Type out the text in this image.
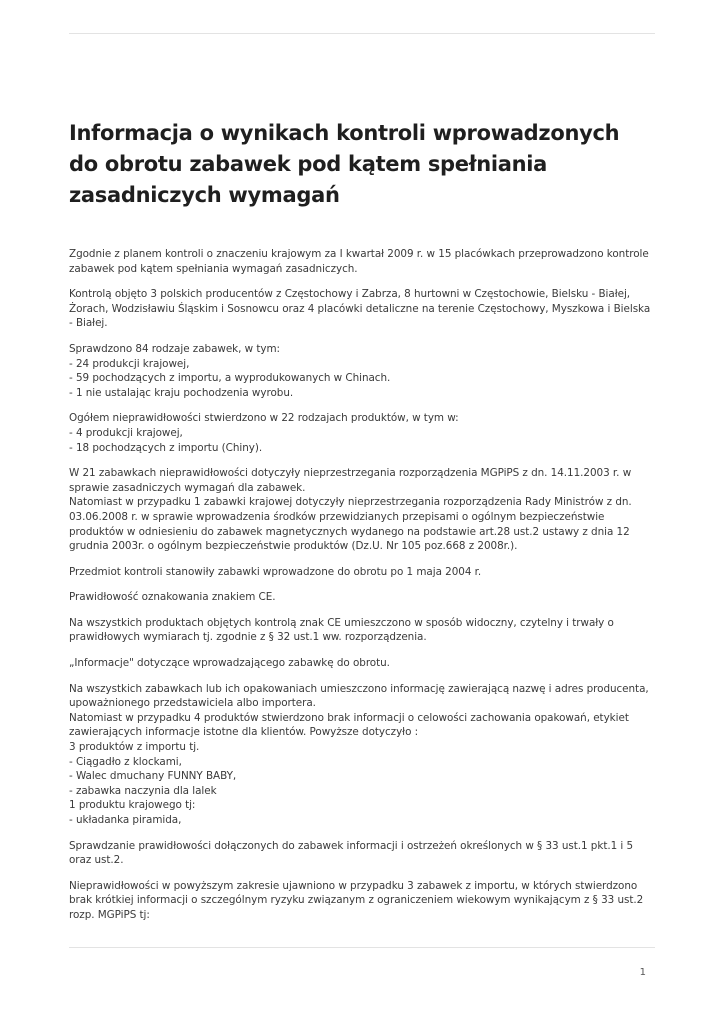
Informacja o wynikach kontroli wprowadzonych do obrotu zabawek pod kątem spełniania zasadniczych wymagań

Zgodnie z planem kontroli o znaczeniu krajowym za I kwartał 2009 r. w 15 placówkach przeprowadzono kontrole zabawek pod kątem spełniania wymagań zasadniczych.

Kontrolą objęto 3 polskich producentów z Częstochowy i Zabrza, 8 hurtowni w Częstochowie, Bielsku - Białej, Żorach, Wodzisławiu Śląskim i Sosnowcu oraz 4 placówki detaliczne na terenie Częstochowy, Myszkowa i Bielska - Białej.

Sprawdzono 84 rodzaje zabawek, w tym:
- 24 produkcji krajowej,
- 59 pochodzących z importu, a wyprodukowanych w Chinach.
- 1 nie ustalając kraju pochodzenia wyrobu.

Ogółem nieprawidłowości stwierdzono w 22 rodzajach produktów, w tym w:
- 4 produkcji krajowej,
- 18 pochodzących z importu (Chiny).

W 21 zabawkach nieprawidłowości dotyczyły nieprzestrzegania rozporządzenia MGPiPS z dn. 14.11.2003 r. w sprawie zasadniczych wymagań dla zabawek.
Natomiast w przypadku 1 zabawki krajowej dotyczyły nieprzestrzegania rozporządzenia Rady Ministrów z dn. 03.06.2008 r. w sprawie wprowadzenia środków przewidzianych przepisami o ogólnym bezpieczeństwie produktów w odniesieniu do zabawek magnetycznych wydanego na podstawie art.28 ust.2 ustawy z dnia 12 grudnia 2003r. o ogólnym bezpieczeństwie produktów (Dz.U. Nr 105 poz.668 z 2008r.).

Przedmiot kontroli stanowiły zabawki wprowadzone do obrotu po 1 maja 2004 r.

Prawidłowość oznakowania znakiem CE.

Na wszystkich produktach objętych kontrolą znak CE umieszczono w sposób widoczny, czytelny i trwały o prawidłowych wymiarach tj. zgodnie z § 32 ust.1 ww. rozporządzenia.

„Informacje" dotyczące wprowadzającego zabawkę do obrotu.

Na wszystkich zabawkach lub ich opakowaniach umieszczono informację zawierającą nazwę i adres producenta, upoważnionego przedstawiciela albo importera.
Natomiast w przypadku 4 produktów stwierdzono brak informacji o celowości zachowania opakowań, etykiet zawierających informacje istotne dla klientów. Powyższe dotyczyło :
3 produktów z importu tj.
- Ciągadło z klockami,
- Walec dmuchany FUNNY BABY,
- zabawka naczynia dla lalek
1 produktu krajowego tj:
- układanka piramida,

Sprawdzanie prawidłowości dołączonych do zabawek informacji i ostrzeżeń określonych w § 33 ust.1 pkt.1 i 5 oraz ust.2.

Nieprawidłowości w powyższym zakresie ujawniono w przypadku 3 zabawek z importu, w których stwierdzono brak krótkiej informacji o szczególnym ryzyku związanym z ograniczeniem wiekowym wynikającym z § 33 ust.2 rozp. MGPiPS tj:

1
